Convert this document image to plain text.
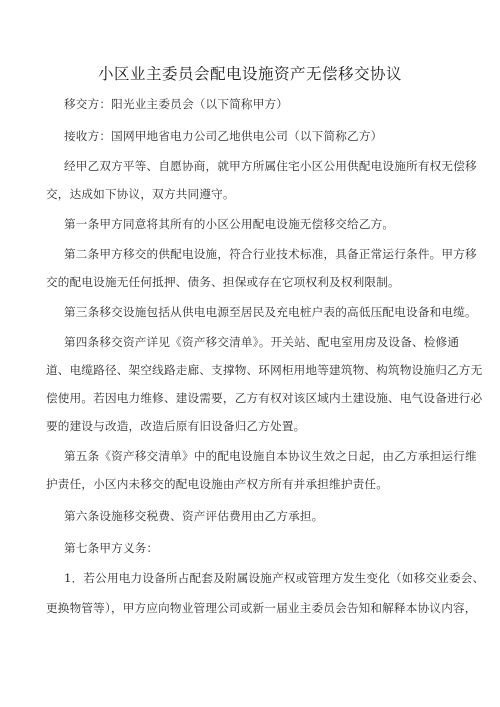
小区业主委员会配电设施资产无偿移交协议
移交方：阳光业主委员会（以下简称甲方）
接收方：国网甲地省电力公司乙地供电公司（以下简称乙方）
经甲乙双方平等、自愿协商，就甲方所属住宅小区公用供配电设施所有权无偿移
交，达成如下协议，双方共同遵守。
第一条甲方同意将其所有的小区公用配电设施无偿移交给乙方。
第二条甲方移交的供配电设施，符合行业技术标准，具备正常运行条件。甲方移
交的配电设施无任何抵押、债务、担保或存在它项权利及权利限制。
第三条移交设施包括从供电电源至居民及充电桩户表的高低压配电设备和电缆。
第四条移交资产详见《资产移交清单》。开关站、配电室用房及设备、检修通
道、电缆路径、架空线路走廊、支撑物、环网柜用地等建筑物、构筑物设施归乙方无
偿使用。若因电力维修、建设需要，乙方有权对该区域内土建设施、电气设备进行必
要的建设与改造，改造后原有旧设备归乙方处置。
第五条《资产移交清单》中的配电设施自本协议生效之日起，由乙方承担运行维
护责任，小区内未移交的配电设施由产权方所有并承担维护责任。
第六条设施移交税费、资产评估费用由乙方承担。
第七条甲方义务：
1．若公用电力设备所占配套及附属设施产权或管理方发生变化（如移交业委会、
更换物管等），甲方应向物业管理公司或新一届业主委员会告知和解释本协议内容，
